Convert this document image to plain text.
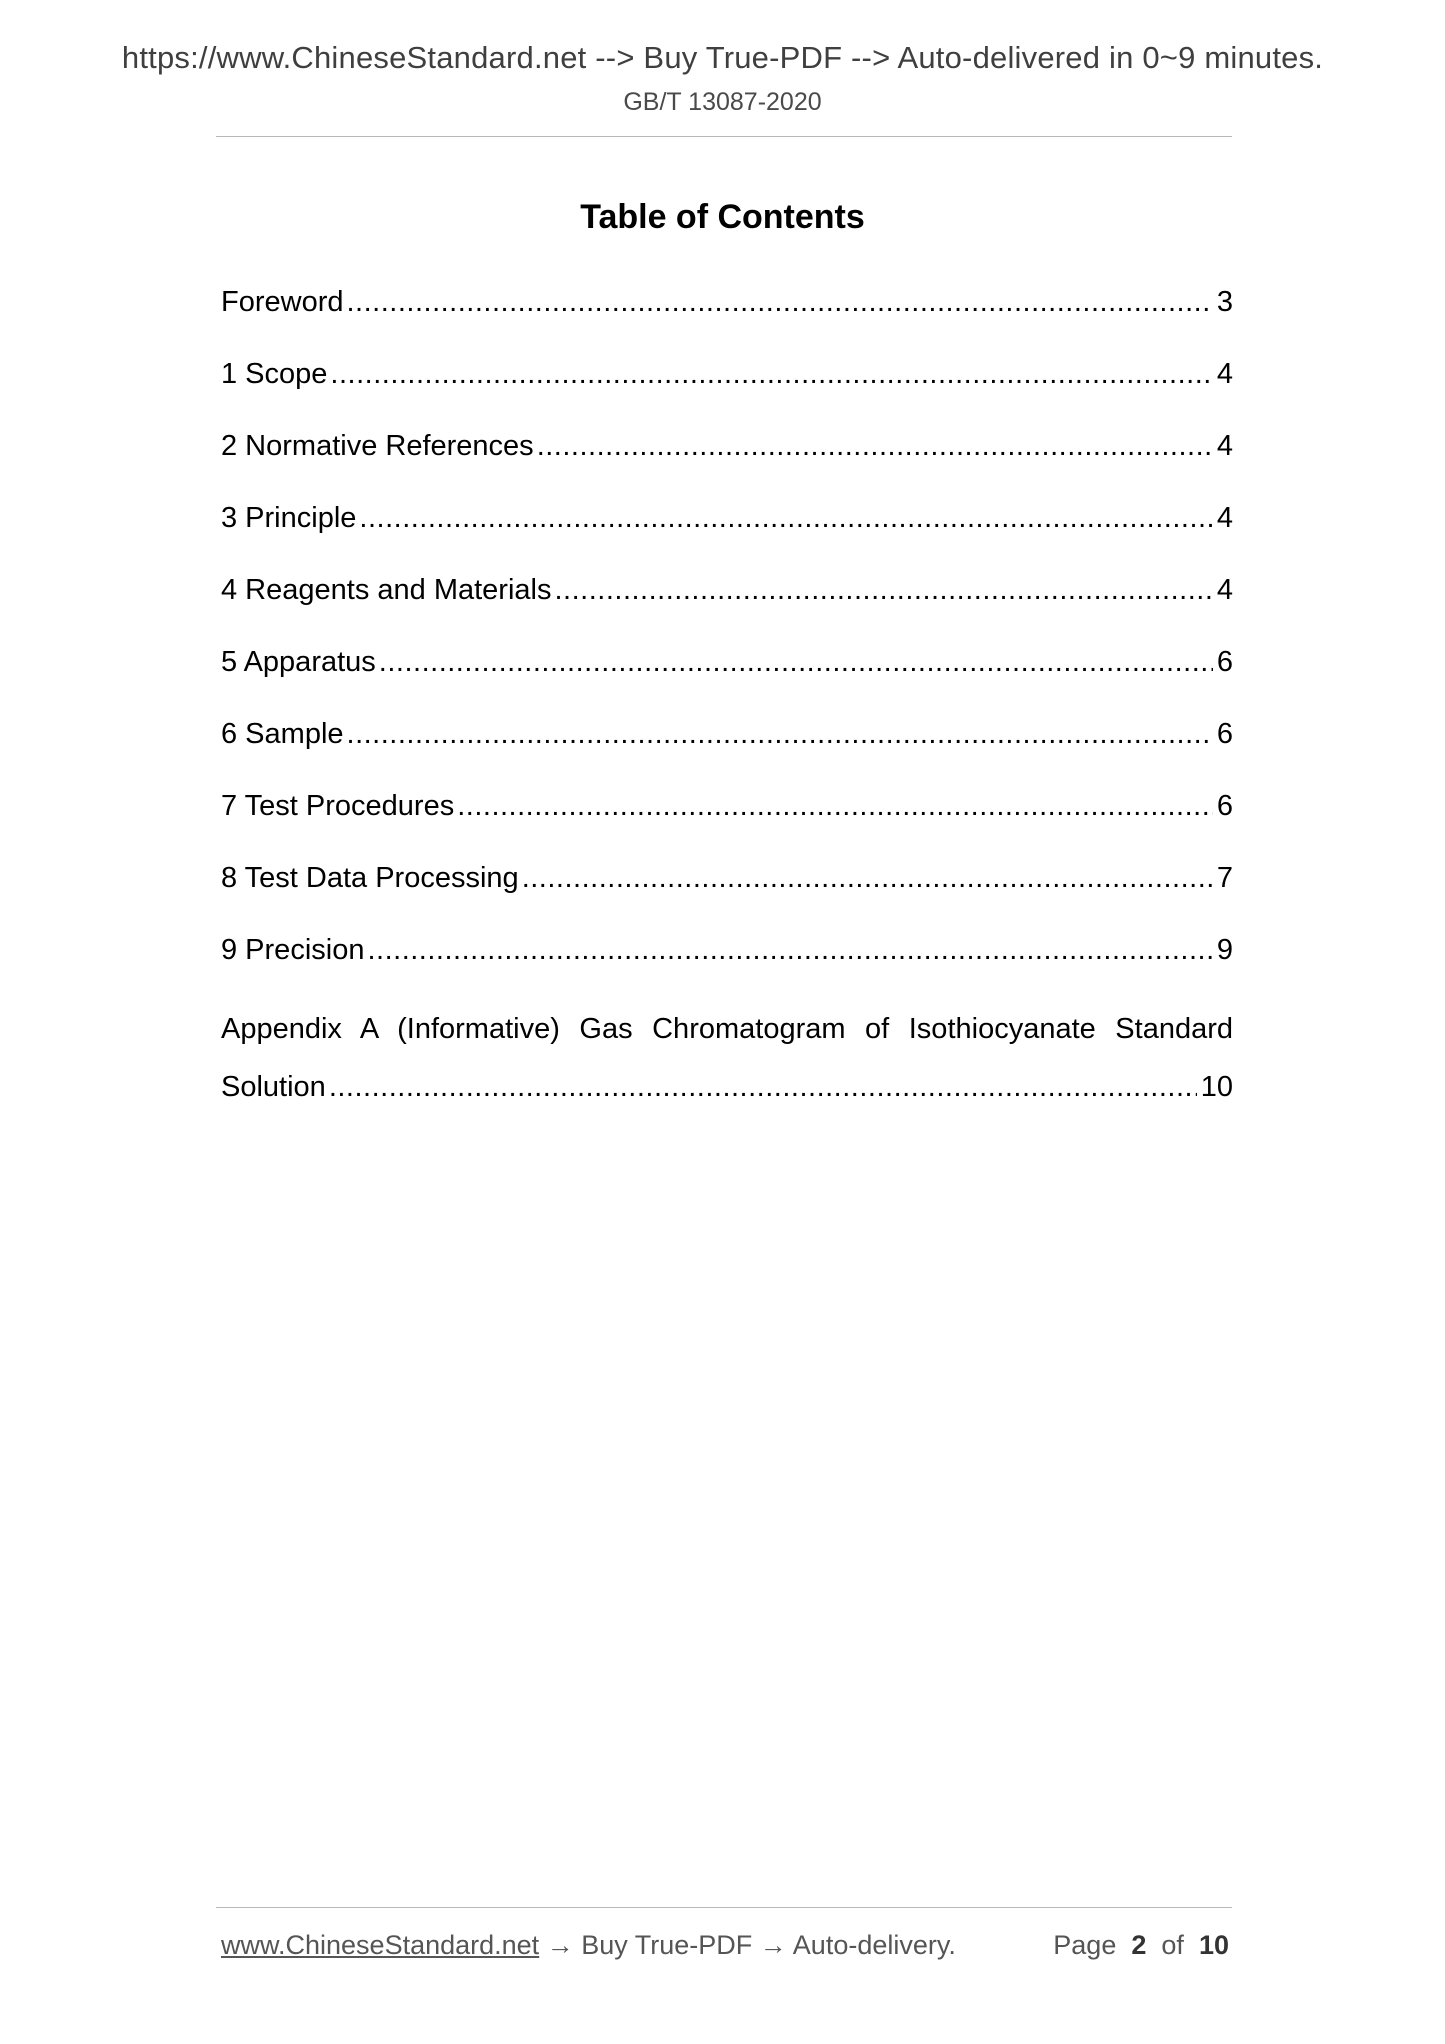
https://www.ChineseStandard.net --> Buy True-PDF --> Auto-delivered in 0~9 minutes.
GB/T 13087-2020
Table of Contents
Foreword .....	3
1 Scope .....	4
2 Normative References .....	4
3 Principle .....	4
4 Reagents and Materials .....	4
5 Apparatus .....	6
6 Sample .....	6
7 Test Procedures .....	6
8 Test Data Processing .....	7
9 Precision .....	9
Appendix A (Informative) Gas Chromatogram of Isothiocyanate Standard
Solution .....	10
www.ChineseStandard.net → Buy True-PDF → Auto-delivery.	Page 2 of 10
